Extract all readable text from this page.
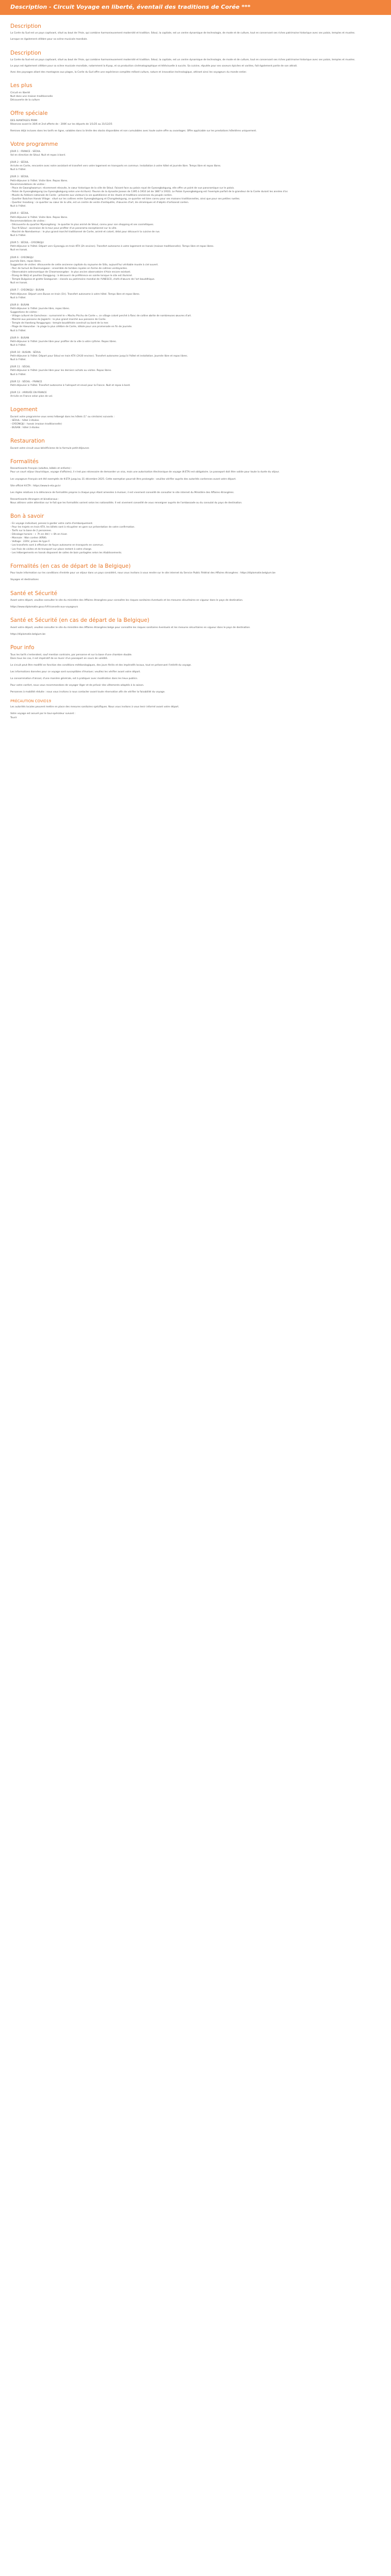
Description - Circuit Voyage en liberté, éventail des traditions de Corée ***
Description

La Corée du Sud est un pays captivant, situé au bout de l'Asie, qui combine harmonieusement modernité et tradition. Séoul, la capitale, est un centre dynamique de technologie, de mode et de culture, tout en conservant ses riches patrimoine historique avec ses palais, temples et musées.

Lorsque en également célèbre pour sa scène musicale mondiale.

Description

La Corée du Sud est un pays captivant, situé au bout de l'Asie, qui combine harmonieusement modernité et tradition. Séoul, la capitale, est un centre dynamique de technologie, de mode et de culture, tout en conservant ses riches patrimoine historique avec ses palais, temples et musées.

Le pays est également célèbre pour sa scène musicale mondiale, notamment la K-pop, et sa production cinématographique et télévisuelle à succès. Sa cuisine, réputée pour ses saveurs épicées et variées, fait également partie de son attrait.

Avec des paysages allant des montagnes aux plages, la Corée du Sud offre une expérience complète mêlant culture, nature et innovation technologique, attirant ainsi les voyageurs du monde entier.

Les plus
Circuit en liberté
Nuit dans une maison traditionnelle
Découverte de la culture
Offre spéciale
DES AVANTAGES PRIMI
Réservez avant le 30/6 et 2nd offerte de - 200€ sur les départs de 1/1/25 au 31/12/25
Remises déjà incluses dans les tarifs en ligne, valables dans la limite des stocks disponibles et non cumulables avec toute autre offre ou avantages. Offre applicable sur les prestations hôtelières uniquement.
Votre programme
JOUR 1 : FRANCE - SÉOUL
Vol en direction de Séoul. Nuit et repas à bord.
JOUR 2 : SÉOUL
Arrivée en Corée, rencontre avec notre assistant et transfert vers votre logement en transports en commun. Installation à votre hôtel et journée libre. Temps libre et repas libres.
Nuit à l'hôtel.
JOUR 3 : SÉOUL
Petit-déjeuner à l'hôtel. Visite libre. Repas libres.
Recommandations de visites :
- Place de Gwanghwamun: récemment rénovée, le cœur historique de la ville de Séoul. Faisant face au palais royal de Gyeongbokgung, elle offre un point de vue panoramique sur le palais.
- Palais de Gyeongbokgung (ou Gyeongbokgung selon une écriture): fleuron de la dynastie Joseon de 1395 à 1910 (et de 1867 à 1910). Le Palais Gyeongbokgung est l'exemple parfait de la grandeur de la Corée durant les années d'or.
- Musée du folklore nationale de Corée : présente aux visiteurs la vie quotidienne et les rituels et traditions anciennes du peuple coréen.
- Quartier Bukchon Hanok Village : situé sur les collines entre Gyeongbokgung et Changdeokgung, ce quartier est bien connu pour ses maisons traditionnelles, ainsi que pour ses petites ruelles.
- Quartier Insadong : ce quartier au cœur de la ville, est un centre de vente d'antiquités, d'œuvres d'art, de céramiques et d'objets d'artisanat coréen.
Nuit à l'hôtel.
JOUR 4 : SÉOUL
Petit-déjeuner à l'hôtel. Visite libre. Repas libres.
Recommandations de visites :
- Découverte du quartier Myeongdong : le quartier le plus animé de Séoul, connu pour son shopping et ses cosmétiques.
- Tour N Séoul : ascension de la tour pour profiter d'un panorama exceptionnel sur la ville.
- Marché de Namdaemun : le plus grand marché traditionnel de Corée, animé et coloré, idéal pour découvrir la cuisine de rue.
Nuit à l'hôtel.
JOUR 5 : SÉOUL - GYEONGJU
Petit-déjeuner à l'hôtel. Départ vers Gyeongju en train KTX (2h environ). Transfert autonome à votre logement en hanok (maison traditionnelle). Temps libre et repas libres.
Nuit en hanok.
JOUR 6 : GYEONGJU
Journée libre, repas libres.
Suggestion de visites: découverte de cette ancienne capitale du royaume de Silla, aujourd'hui véritable musée à ciel ouvert.
- Parc de tumuli de Daereungwon : ensemble de tombes royales en forme de collines verdoyantes.
- Observatoire astronomique de Cheomseongdae : le plus ancien observatoire d'Asie encore existant.
- Étang de Wolji et pavillon Donggung : à découvrir de préférence en soirée lorsque le site est illuminé.
- Temple Bulguksa et grotte Seokguram : classés au patrimoine mondial de l'UNESCO, chefs-d'œuvre de l'art bouddhique.
Nuit en hanok.
JOUR 7 : GYEONGJU - BUSAN
Petit-déjeuner. Départ vers Busan en train (1h). Transfert autonome à votre hôtel. Temps libre et repas libres.
Nuit à l'hôtel.
JOUR 8 : BUSAN
Petit-déjeuner à l'hôtel. Journée libre, repas libres.
Suggestions de visites :
- Village culturel de Gamcheon : surnommé le « Machu Picchu de Corée », ce village coloré perché à flanc de colline abrite de nombreuses œuvres d'art.
- Marché aux poissons de Jagalchi : le plus grand marché aux poissons de Corée.
- Temple de Haedong Yonggungsa : temple bouddhiste construit au bord de la mer.
- Plage de Haeundae : la plage la plus célèbre de Corée, idéale pour une promenade en fin de journée.
Nuit à l'hôtel.
JOUR 9 : BUSAN
Petit-déjeuner à l'hôtel. Journée libre pour profiter de la ville à votre rythme. Repas libres.
Nuit à l'hôtel.
JOUR 10 : BUSAN - SÉOUL
Petit-déjeuner à l'hôtel. Départ pour Séoul en train KTX (2h30 environ). Transfert autonome jusqu'à l'hôtel et installation. Journée libre et repas libres.
Nuit à l'hôtel.
JOUR 11 : SÉOUL
Petit-déjeuner à l'hôtel. Journée libre pour les derniers achats ou visites. Repas libres.
Nuit à l'hôtel.
JOUR 12 : SÉOUL - FRANCE
Petit-déjeuner à l'hôtel. Transfert autonome à l'aéroport et envol pour la France. Nuit et repas à bord.
JOUR 13 : ARRIVÉE EN FRANCE
Arrivée en France selon plan de vol.
Logement
Durant votre programme vous serez hébergé dans les hôtels (1° ou similaire) suivants :
- SÉOUL : hôtel 3 étoiles
- GYEONGJU : hanok (maison traditionnelle)
- BUSAN : hôtel 3 étoiles
Restauration
Durant votre circuit vous bénéficierez de la formule petit-déjeuner.
Formalités
Ressortissants français (adultes, bébés et enfants) :
Pour un court séjour (touristique, voyage d'affaires), il n'est pas nécessaire de demander un visa, mais une autorisation électronique de voyage (K-ETA) est obligatoire. Le passeport doit être valide pour toute la durée du séjour.
Les voyageurs français ont été exemptés de K-ETA jusqu'au 31 décembre 2025. Cette exemption pourrait être prolongée : veuillez vérifier auprès des autorités coréennes avant votre départ.
Site officiel K-ETA : https://www.k-eta.go.kr
Les règles relatives à la délivrance de formalités propres à chaque pays étant amenées à évoluer, il est vivement conseillé de consulter le site internet du Ministère des Affaires étrangères.
Ressortissants étrangers et binationaux :
Nous attirons votre attention sur le fait que les formalités varient selon les nationalités. Il est vivement conseillé de vous renseigner auprès de l'ambassade ou du consulat du pays de destination.
Bon à savoir
- En voyage individuel, pensez à garder votre carte d'embarquement.
- Pour les trajets en train KTX, les billets sont à récupérer en gare sur présentation de votre confirmation.
- Tarifs sur la base de 2 personnes.
- Décalage horaire : + 7h en été / + 8h en hiver.
- Monnaie : Won coréen (KRW).
- Voltage : 220V, prises de type F.
- Les transferts sont à effectuer de façon autonome en transports en commun.
- Les frais de visites et de transport sur place restent à votre charge.
- Les hébergements en hanok disposent de salles de bain partagées selon les établissements.
Formalités (en cas de départ de la Belgique)
Pour toute information sur les conditions d'entrée pour un séjour dans un pays considéré, nous vous invitons à vous rendre sur le site internet du Service Public Fédéral des Affaires étrangères : https://diplomatie.belgium.be
Voyages et destinations
Santé et Sécurité
Avant votre départ, veuillez consulter le site du ministère des Affaires étrangères pour connaître les risques sanitaires éventuels et les mesures sécuritaires en vigueur dans le pays de destination.
https://www.diplomatie.gouv.fr/fr/conseils-aux-voyageurs
Santé et Sécurité (en cas de départ de la Belgique)
Avant votre départ, veuillez consulter le site du ministère des Affaires étrangères belge pour connaître les risques sanitaires éventuels et les mesures sécuritaires en vigueur dans le pays de destination.
https://diplomatie.belgium.be
Pour info
Tous les tarifs s'entendent, sauf mention contraire, par personne et sur la base d'une chambre double.
Dans tous les cas, il est impératif de se munir d'un passeport en cours de validité.
Le circuit peut être modifié en fonction des conditions météorologiques, des jours fériés et des impératifs locaux, tout en préservant l'intérêt du voyage.
Les informations données pour ce voyage sont susceptibles d'évoluer; veuillez les vérifier avant votre départ.
La consommation d'alcool, d'une manière générale, est à pratiquer avec modération dans les lieux publics.
Pour votre confort, nous vous recommandons de voyager léger et de prévoir des vêtements adaptés à la saison.
Personnes à mobilité réduite : nous vous invitons à nous contacter avant toute réservation afin de vérifier la faisabilité du voyage.
PRÉCAUTION COVID19
Les autorités locales peuvent mettre en place des mesures sanitaires spécifiques. Nous vous invitons à vous tenir informé avant votre départ.
Votre voyage est assuré par le tour-opérateur suivant :
Tourir
